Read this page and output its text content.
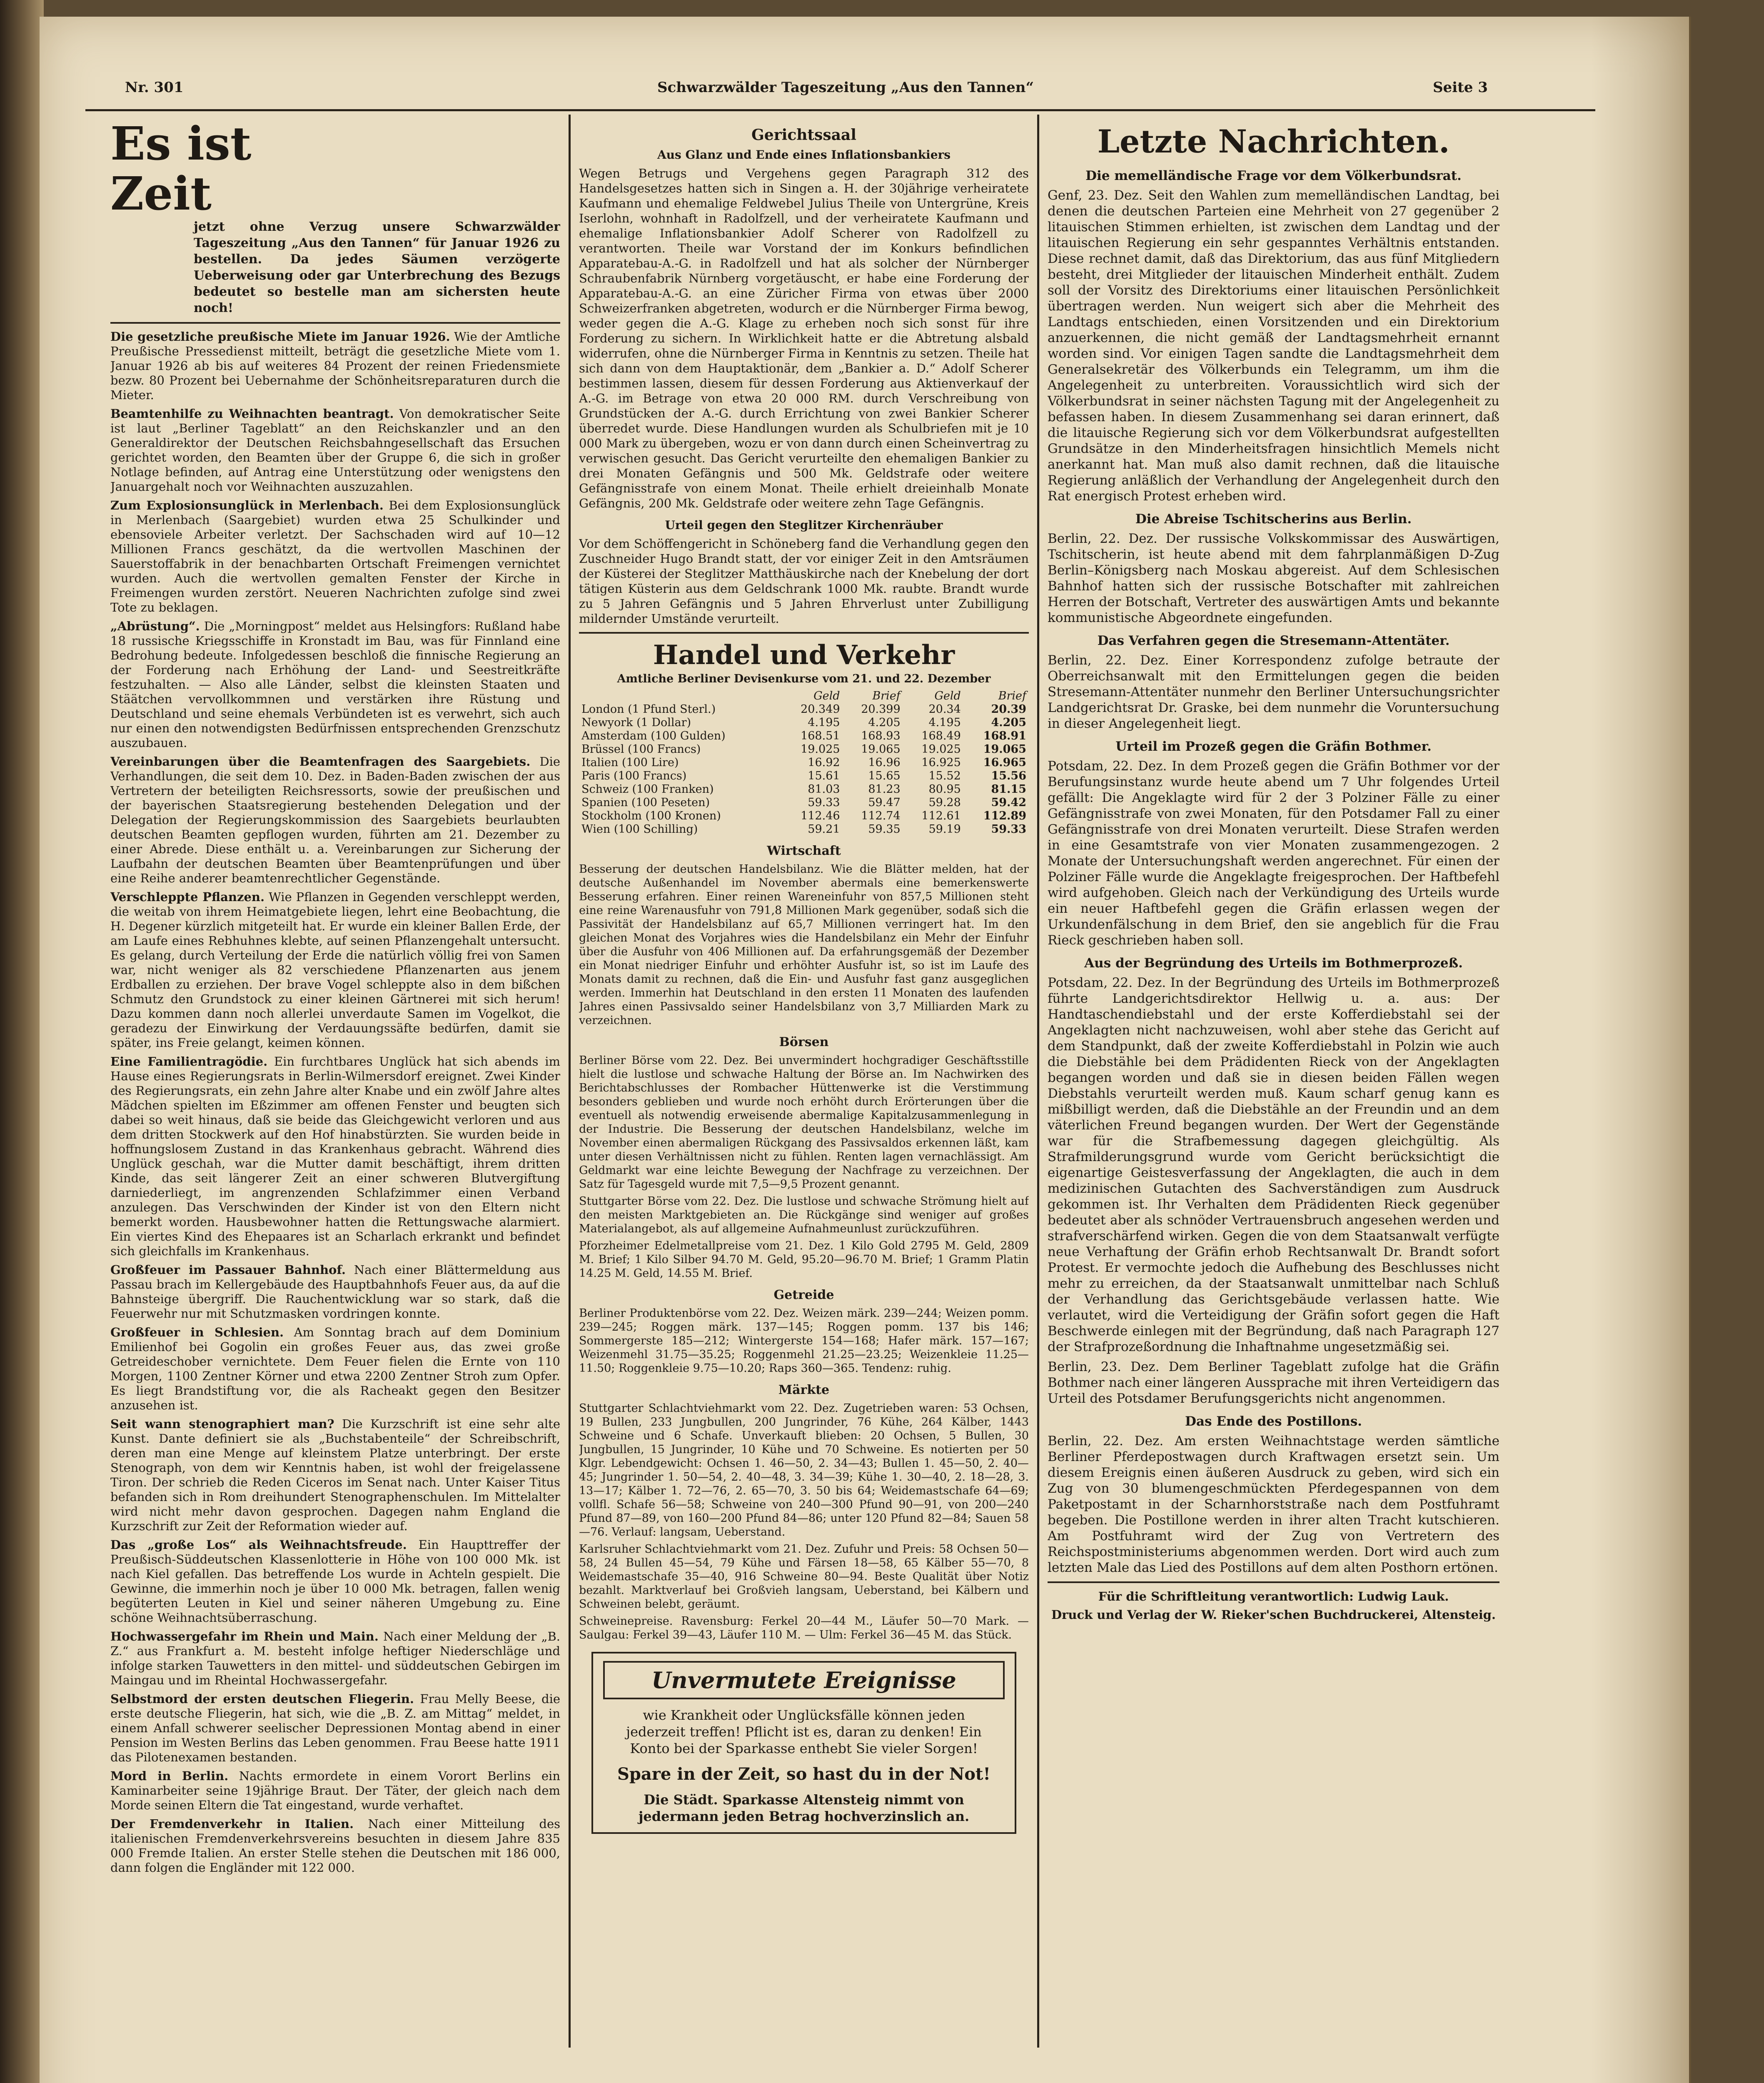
Nr. 301	Schwarzwälder Tageszeitung „Aus den Tannen“	Seite 3
Es ist Zeit
jetzt ohne Verzug unsere Schwarzwälder Tageszeitung „Aus den Tannen“ für Januar 1926 zu bestellen. Da jedes Säumen verzögerte Ueberweisung oder gar Unterbrechung des Bezugs bedeutet so bestelle man am sichersten heute noch!
Die gesetzliche preußische Miete im Januar 1926. Wie der Amtliche Preußische Pressedienst mitteilt, beträgt die gesetzliche Miete vom 1. Januar 1926 ab bis auf weiteres 84 Prozent der reinen Friedensmiete bezw. 80 Prozent bei Uebernahme der Schönheitsreparaturen durch die Mieter.
Beamtenhilfe zu Weihnachten beantragt. Von demokratischer Seite ist laut „Berliner Tageblatt“ an den Reichskanzler und an den Generaldirektor der Deutschen Reichsbahngesellschaft das Ersuchen gerichtet worden, den Beamten über der Gruppe 6, die sich in großer Notlage befinden, auf Antrag eine Unterstützung oder wenigstens den Januargehalt noch vor Weihnachten auszuzahlen.
Zum Explosionsunglück in Merlenbach. Bei dem Explosionsunglück in Merlenbach (Saargebiet) wurden etwa 25 Schulkinder und ebensoviele Arbeiter verletzt. Der Sachschaden wird auf 10—12 Millionen Francs geschätzt, da die wertvollen Maschinen der Sauerstoffabrik in der benachbarten Ortschaft Freimengen vernichtet wurden. Auch die wertvollen gemalten Fenster der Kirche in Freimengen wurden zerstört. Neueren Nachrichten zufolge sind zwei Tote zu beklagen.
„Abrüstung“. Die „Morningpost“ meldet aus Helsingfors: Rußland habe 18 russische Kriegsschiffe in Kronstadt im Bau, was für Finnland eine Bedrohung bedeute. Infolgedessen beschloß die finnische Regierung an der Forderung nach Erhöhung der Land- und Seestreitkräfte festzuhalten. — Also alle Länder, selbst die kleinsten Staaten und Stäätchen vervollkommnen und verstärken ihre Rüstung und Deutschland und seine ehemals Verbündeten ist es verwehrt, sich auch nur einen den notwendigsten Bedürfnissen entsprechenden Grenzschutz auszubauen.
Vereinbarungen über die Beamtenfragen des Saargebiets. Die Verhandlungen, die seit dem 10. Dez. in Baden-Baden zwischen der aus Vertretern der beteiligten Reichsressorts, sowie der preußischen und der bayerischen Staatsregierung bestehenden Delegation und der Delegation der Regierungskommission des Saargebiets beurlaubten deutschen Beamten gepflogen wurden, führten am 21. Dezember zu einer Abrede. Diese enthält u. a. Vereinbarungen zur Sicherung der Laufbahn der deutschen Beamten über Beamtenprüfungen und über eine Reihe anderer beamtenrechtlicher Gegenstände.
Verschleppte Pflanzen. Wie Pflanzen in Gegenden verschleppt werden, die weitab von ihrem Heimatgebiete liegen, lehrt eine Beobachtung, die H. Degener kürzlich mitgeteilt hat. Er wurde ein kleiner Ballen Erde, der am Laufe eines Rebhuhnes klebte, auf seinen Pflanzengehalt untersucht. Es gelang, durch Verteilung der Erde die natürlich völlig frei von Samen war, nicht weniger als 82 verschiedene Pflanzenarten aus jenem Erdballen zu erziehen. Der brave Vogel schleppte also in dem bißchen Schmutz den Grundstock zu einer kleinen Gärtnerei mit sich herum! Dazu kommen dann noch allerlei unverdaute Samen im Vogelkot, die geradezu der Einwirkung der Verdauungssäfte bedürfen, damit sie später, ins Freie gelangt, keimen können.
Eine Familientragödie. Ein furchtbares Unglück hat sich abends im Hause eines Regierungsrats in Berlin-Wilmersdorf ereignet. Zwei Kinder des Regierungsrats, ein zehn Jahre alter Knabe und ein zwölf Jahre altes Mädchen spielten im Eßzimmer am offenen Fenster und beugten sich dabei so weit hinaus, daß sie beide das Gleichgewicht verloren und aus dem dritten Stockwerk auf den Hof hinabstürzten. Sie wurden beide in hoffnungslosem Zustand in das Krankenhaus gebracht. Während dies Unglück geschah, war die Mutter damit beschäftigt, ihrem dritten Kinde, das seit längerer Zeit an einer schweren Blutvergiftung darniederliegt, im angrenzenden Schlafzimmer einen Verband anzulegen. Das Verschwinden der Kinder ist von den Eltern nicht bemerkt worden. Hausbewohner hatten die Rettungswache alarmiert. Ein viertes Kind des Ehepaares ist an Scharlach erkrankt und befindet sich gleichfalls im Krankenhaus.
Großfeuer im Passauer Bahnhof. Nach einer Blättermeldung aus Passau brach im Kellergebäude des Hauptbahnhofs Feuer aus, da auf die Bahnsteige übergriff. Die Rauchentwicklung war so stark, daß die Feuerwehr nur mit Schutzmasken vordringen konnte.
Großfeuer in Schlesien. Am Sonntag brach auf dem Dominium Emilienhof bei Gogolin ein großes Feuer aus, das zwei große Getreideschober vernichtete. Dem Feuer fielen die Ernte von 110 Morgen, 1100 Zentner Körner und etwa 2200 Zentner Stroh zum Opfer. Es liegt Brandstiftung vor, die als Racheakt gegen den Besitzer anzusehen ist.
Seit wann stenographiert man? Die Kurzschrift ist eine sehr alte Kunst. Dante definiert sie als „Buchstabenteile“ der Schreibschrift, deren man eine Menge auf kleinstem Platze unterbringt. Der erste Stenograph, von dem wir Kenntnis haben, ist wohl der freigelassene Tiron. Der schrieb die Reden Ciceros im Senat nach. Unter Kaiser Titus befanden sich in Rom dreihundert Stenographenschulen. Im Mittelalter wird nicht mehr davon gesprochen. Dagegen nahm England die Kurzschrift zur Zeit der Reformation wieder auf.
Das „große Los“ als Weihnachtsfreude. Ein Haupttreffer der Preußisch-Süddeutschen Klassenlotterie in Höhe von 100 000 Mk. ist nach Kiel gefallen. Das betreffende Los wurde in Achteln gespielt. Die Gewinne, die immerhin noch je über 10 000 Mk. betragen, fallen wenig begüterten Leuten in Kiel und seiner näheren Umgebung zu. Eine schöne Weihnachtsüberraschung.
Hochwassergefahr im Rhein und Main. Nach einer Meldung der „B. Z.“ aus Frankfurt a. M. besteht infolge heftiger Niederschläge und infolge starken Tauwetters in den mittel- und süddeutschen Gebirgen im Maingau und im Rheintal Hochwassergefahr.
Selbstmord der ersten deutschen Fliegerin. Frau Melly Beese, die erste deutsche Fliegerin, hat sich, wie die „B. Z. am Mittag“ meldet, in einem Anfall schwerer seelischer Depressionen Montag abend in einer Pension im Westen Berlins das Leben genommen. Frau Beese hatte 1911 das Pilotenexamen bestanden.
Mord in Berlin. Nachts ermordete in einem Vorort Berlins ein Kaminarbeiter seine 19jährige Braut. Der Täter, der gleich nach dem Morde seinen Eltern die Tat eingestand, wurde verhaftet.
Der Fremdenverkehr in Italien. Nach einer Mitteilung des italienischen Fremdenverkehrsvereins besuchten in diesem Jahre 835 000 Fremde Italien. An erster Stelle stehen die Deutschen mit 186 000, dann folgen die Engländer mit 122 000.
Gerichtssaal
Aus Glanz und Ende eines Inflationsbankiers
Wegen Betrugs und Vergehens gegen Paragraph 312 des Handelsgesetzes hatten sich in Singen a. H. der 30jährige verheiratete Kaufmann und ehemalige Feldwebel Julius Theile von Untergrüne, Kreis Iserlohn, wohnhaft in Radolfzell, und der verheiratete Kaufmann und ehemalige Inflationsbankier Adolf Scherer von Radolfzell zu verantworten. Theile war Vorstand der im Konkurs befindlichen Apparatebau-A.-G. in Radolfzell und hat als solcher der Nürnberger Schraubenfabrik Nürnberg vorgetäuscht, er habe eine Forderung der Apparatebau-A.-G. an eine Züricher Firma von etwas über 2000 Schweizerfranken abgetreten, wodurch er die Nürnberger Firma bewog, weder gegen die A.-G. Klage zu erheben noch sich sonst für ihre Forderung zu sichern. In Wirklichkeit hatte er die Abtretung alsbald widerrufen, ohne die Nürnberger Firma in Kenntnis zu setzen. Theile hat sich dann von dem Hauptaktionär, dem „Bankier a. D.“ Adolf Scherer bestimmen lassen, diesem für dessen Forderung aus Aktienverkauf der A.-G. im Betrage von etwa 20 000 RM. durch Verschreibung von Grundstücken der A.-G. durch Errichtung von zwei Bankier Scherer überredet wurde. Diese Handlungen wurden als Schulbriefen mit je 10 000 Mark zu übergeben, wozu er von dann durch einen Scheinvertrag zu verwischen gesucht. Das Gericht verurteilte den ehemaligen Bankier zu drei Monaten Gefängnis und 500 Mk. Geldstrafe oder weitere Gefängnisstrafe von einem Monat. Theile erhielt dreieinhalb Monate Gefängnis, 200 Mk. Geldstrafe oder weitere zehn Tage Gefängnis.
Urteil gegen den Steglitzer Kirchenräuber
Vor dem Schöffengericht in Schöneberg fand die Verhandlung gegen den Zuschneider Hugo Brandt statt, der vor einiger Zeit in den Amtsräumen der Küsterei der Steglitzer Matthäuskirche nach der Knebelung der dort tätigen Küsterin aus dem Geldschrank 1000 Mk. raubte. Brandt wurde zu 5 Jahren Gefängnis und 5 Jahren Ehrverlust unter Zubilligung mildernder Umstände verurteilt.
Handel und Verkehr
Amtliche Berliner Devisenkurse vom 21. und 22. Dezember
	Geld	Brief	Geld	Brief
London (1 Pfund Sterl.)	20.349	20.399	20.34	20.39
Newyork (1 Dollar)	4.195	4.205	4.195	4.205
Amsterdam (100 Gulden)	168.51	168.93	168.49	168.91
Brüssel (100 Francs)	19.025	19.065	19.025	19.065
Italien (100 Lire)	16.92	16.96	16.925	16.965
Paris (100 Francs)	15.61	15.65	15.52	15.56
Schweiz (100 Franken)	81.03	81.23	80.95	81.15
Spanien (100 Peseten)	59.33	59.47	59.28	59.42
Stockholm (100 Kronen)	112.46	112.74	112.61	112.89
Wien (100 Schilling)	59.21	59.35	59.19	59.33
Wirtschaft
Besserung der deutschen Handelsbilanz. Wie die Blätter melden, hat der deutsche Außenhandel im November abermals eine bemerkenswerte Besserung erfahren. Einer reinen Wareneinfuhr von 857,5 Millionen steht eine reine Warenausfuhr von 791,8 Millionen Mark gegenüber, sodaß sich die Passivität der Handelsbilanz auf 65,7 Millionen verringert hat. Im den gleichen Monat des Vorjahres wies die Handelsbilanz ein Mehr der Einfuhr über die Ausfuhr von 406 Millionen auf. Da erfahrungsgemäß der Dezember ein Monat niedriger Einfuhr und erhöhter Ausfuhr ist, so ist im Laufe des Monats damit zu rechnen, daß die Ein- und Ausfuhr fast ganz ausgeglichen werden. Immerhin hat Deutschland in den ersten 11 Monaten des laufenden Jahres einen Passivsaldo seiner Handelsbilanz von 3,7 Milliarden Mark zu verzeichnen.
Börsen
Berliner Börse vom 22. Dez. Bei unvermindert hochgradiger Geschäftsstille hielt die lustlose und schwache Haltung der Börse an. Im Nachwirken des Berichtabschlusses der Rombacher Hüttenwerke ist die Verstimmung besonders geblieben und wurde noch erhöht durch Erörterungen über die eventuell als notwendig erweisende abermalige Kapitalzusammenlegung in der Industrie. Die Besserung der deutschen Handelsbilanz, welche im November einen abermaligen Rückgang des Passivsaldos erkennen läßt, kam unter diesen Verhältnissen nicht zu fühlen. Renten lagen vernachlässigt. Am Geldmarkt war eine leichte Bewegung der Nachfrage zu verzeichnen. Der Satz für Tagesgeld wurde mit 7,5—9,5 Prozent genannt.
Stuttgarter Börse vom 22. Dez. Die lustlose und schwache Strömung hielt auf den meisten Marktgebieten an. Die Rückgänge sind weniger auf großes Materialangebot, als auf allgemeine Aufnahmeunlust zurückzuführen.
Pforzheimer Edelmetallpreise vom 21. Dez. 1 Kilo Gold 2795 M. Geld, 2809 M. Brief; 1 Kilo Silber 94.70 M. Geld, 95.20—96.70 M. Brief; 1 Gramm Platin 14.25 M. Geld, 14.55 M. Brief.
Getreide
Berliner Produktenbörse vom 22. Dez. Weizen märk. 239—244; Weizen pomm. 239—245; Roggen märk. 137—145; Roggen pomm. 137 bis 146; Sommergerste 185—212; Wintergerste 154—168; Hafer märk. 157—167; Weizenmehl 31.75—35.25; Roggenmehl 21.25—23.25; Weizenkleie 11.25—11.50; Roggenkleie 9.75—10.20; Raps 360—365. Tendenz: ruhig.
Märkte
Stuttgarter Schlachtviehmarkt vom 22. Dez. Zugetrieben waren: 53 Ochsen, 19 Bullen, 233 Jungbullen, 200 Jungrinder, 76 Kühe, 264 Kälber, 1443 Schweine und 6 Schafe. Unverkauft blieben: 20 Ochsen, 5 Bullen, 30 Jungbullen, 15 Jungrinder, 10 Kühe und 70 Schweine. Es notierten per 50 Klgr. Lebendgewicht: Ochsen 1. 46—50, 2. 34—43; Bullen 1. 45—50, 2. 40—45; Jungrinder 1. 50—54, 2. 40—48, 3. 34—39; Kühe 1. 30—40, 2. 18—28, 3. 13—17; Kälber 1. 72—76, 2. 65—70, 3. 50 bis 64; Weidemastschafe 64—69; vollfl. Schafe 56—58; Schweine von 240—300 Pfund 90—91, von 200—240 Pfund 87—89, von 160—200 Pfund 84—86; unter 120 Pfund 82—84; Sauen 58—76. Verlauf: langsam, Ueberstand.
Karlsruher Schlachtviehmarkt vom 21. Dez. Zufuhr und Preis: 58 Ochsen 50—58, 24 Bullen 45—54, 79 Kühe und Färsen 18—58, 65 Kälber 55—70, 8 Weidemastschafe 35—40, 916 Schweine 80—94. Beste Qualität über Notiz bezahlt. Marktverlauf bei Großvieh langsam, Ueberstand, bei Kälbern und Schweinen belebt, geräumt.
Schweinepreise. Ravensburg: Ferkel 20—44 M., Läufer 50—70 Mark. — Saulgau: Ferkel 39—43, Läufer 110 M. — Ulm: Ferkel 36—45 M. das Stück.
Unvermutete Ereignisse
wie Krankheit oder Unglücksfälle können jeden jederzeit treffen! Pflicht ist es, daran zu denken! Ein Konto bei der Sparkasse enthebt Sie vieler Sorgen!
Spare in der Zeit, so hast du in der Not!
Die Städt. Sparkasse Altensteig nimmt von jedermann jeden Betrag hochverzinslich an.
Letzte Nachrichten.
Die memelländische Frage vor dem Völkerbundsrat.
Genf, 23. Dez. Seit den Wahlen zum memelländischen Landtag, bei denen die deutschen Parteien eine Mehrheit von 27 gegenüber 2 litauischen Stimmen erhielten, ist zwischen dem Landtag und der litauischen Regierung ein sehr gespanntes Verhältnis entstanden. Diese rechnet damit, daß das Direktorium, das aus fünf Mitgliedern besteht, drei Mitglieder der litauischen Minderheit enthält. Zudem soll der Vorsitz des Direktoriums einer litauischen Persönlichkeit übertragen werden. Nun weigert sich aber die Mehrheit des Landtags entschieden, einen Vorsitzenden und ein Direktorium anzuerkennen, die nicht gemäß der Landtagsmehrheit ernannt worden sind. Vor einigen Tagen sandte die Landtagsmehrheit dem Generalsekretär des Völkerbunds ein Telegramm, um ihm die Angelegenheit zu unterbreiten. Voraussichtlich wird sich der Völkerbundsrat in seiner nächsten Tagung mit der Angelegenheit zu befassen haben. In diesem Zusammenhang sei daran erinnert, daß die litauische Regierung sich vor dem Völkerbundsrat aufgestellten Grundsätze in den Minderheitsfragen hinsichtlich Memels nicht anerkannt hat. Man muß also damit rechnen, daß die litauische Regierung anläßlich der Verhandlung der Angelegenheit durch den Rat energisch Protest erheben wird.
Die Abreise Tschitscherins aus Berlin.
Berlin, 22. Dez. Der russische Volkskommissar des Auswärtigen, Tschitscherin, ist heute abend mit dem fahrplanmäßigen D-Zug Berlin–Königsberg nach Moskau abgereist. Auf dem Schlesischen Bahnhof hatten sich der russische Botschafter mit zahlreichen Herren der Botschaft, Vertreter des auswärtigen Amts und bekannte kommunistische Abgeordnete eingefunden.
Das Verfahren gegen die Stresemann-Attentäter.
Berlin, 22. Dez. Einer Korrespondenz zufolge betraute der Oberreichsanwalt mit den Ermittelungen gegen die beiden Stresemann-Attentäter nunmehr den Berliner Untersuchungsrichter Landgerichtsrat Dr. Graske, bei dem nunmehr die Voruntersuchung in dieser Angelegenheit liegt.
Urteil im Prozeß gegen die Gräfin Bothmer.
Potsdam, 22. Dez. In dem Prozeß gegen die Gräfin Bothmer vor der Berufungsinstanz wurde heute abend um 7 Uhr folgendes Urteil gefällt: Die Angeklagte wird für 2 der 3 Polziner Fälle zu einer Gefängnisstrafe von zwei Monaten, für den Potsdamer Fall zu einer Gefängnisstrafe von drei Monaten verurteilt. Diese Strafen werden in eine Gesamtstrafe von vier Monaten zusammengezogen. 2 Monate der Untersuchungshaft werden angerechnet. Für einen der Polziner Fälle wurde die Angeklagte freigesprochen. Der Haftbefehl wird aufgehoben. Gleich nach der Verkündigung des Urteils wurde ein neuer Haftbefehl gegen die Gräfin erlassen wegen der Urkundenfälschung in dem Brief, den sie angeblich für die Frau Rieck geschrieben haben soll.
Aus der Begründung des Urteils im Bothmerprozeß.
Potsdam, 22. Dez. In der Begründung des Urteils im Bothmerprozeß führte Landgerichtsdirektor Hellwig u. a. aus: Der Handtaschendiebstahl und der erste Kofferdiebstahl sei der Angeklagten nicht nachzuweisen, wohl aber stehe das Gericht auf dem Standpunkt, daß der zweite Kofferdiebstahl in Polzin wie auch die Diebstähle bei dem Prädidenten Rieck von der Angeklagten begangen worden und daß sie in diesen beiden Fällen wegen Diebstahls verurteilt werden muß. Kaum scharf genug kann es mißbilligt werden, daß die Diebstähle an der Freundin und an dem väterlichen Freund begangen wurden. Der Wert der Gegenstände war für die Strafbemessung dagegen gleichgültig. Als Strafmilderungsgrund wurde vom Gericht berücksichtigt die eigenartige Geistesverfassung der Angeklagten, die auch in dem medizinischen Gutachten des Sachverständigen zum Ausdruck gekommen ist. Ihr Verhalten dem Prädidenten Rieck gegenüber bedeutet aber als schnöder Vertrauensbruch angesehen werden und strafverschärfend wirken. Gegen die von dem Staatsanwalt verfügte neue Verhaftung der Gräfin erhob Rechtsanwalt Dr. Brandt sofort Protest. Er vermochte jedoch die Aufhebung des Beschlusses nicht mehr zu erreichen, da der Staatsanwalt unmittelbar nach Schluß der Verhandlung das Gerichtsgebäude verlassen hatte. Wie verlautet, wird die Verteidigung der Gräfin sofort gegen die Haft Beschwerde einlegen mit der Begründung, daß nach Paragraph 127 der Strafprozeßordnung die Inhaftnahme ungesetzmäßig sei.
Berlin, 23. Dez. Dem Berliner Tageblatt zufolge hat die Gräfin Bothmer nach einer längeren Aussprache mit ihren Verteidigern das Urteil des Potsdamer Berufungsgerichts nicht angenommen.
Das Ende des Postillons.
Berlin, 22. Dez. Am ersten Weihnachtstage werden sämtliche Berliner Pferdepostwagen durch Kraftwagen ersetzt sein. Um diesem Ereignis einen äußeren Ausdruck zu geben, wird sich ein Zug von 30 blumengeschmückten Pferdegespannen von dem Paketpostamt in der Scharnhorststraße nach dem Postfuhramt begeben. Die Postillone werden in ihrer alten Tracht kutschieren. Am Postfuhramt wird der Zug von Vertretern des Reichspostministeriums abgenommen werden. Dort wird auch zum letzten Male das Lied des Postillons auf dem alten Posthorn ertönen.
Für die Schriftleitung verantwortlich: Ludwig Lauk.
Druck und Verlag der W. Rieker'schen Buchdruckerei, Altensteig.
